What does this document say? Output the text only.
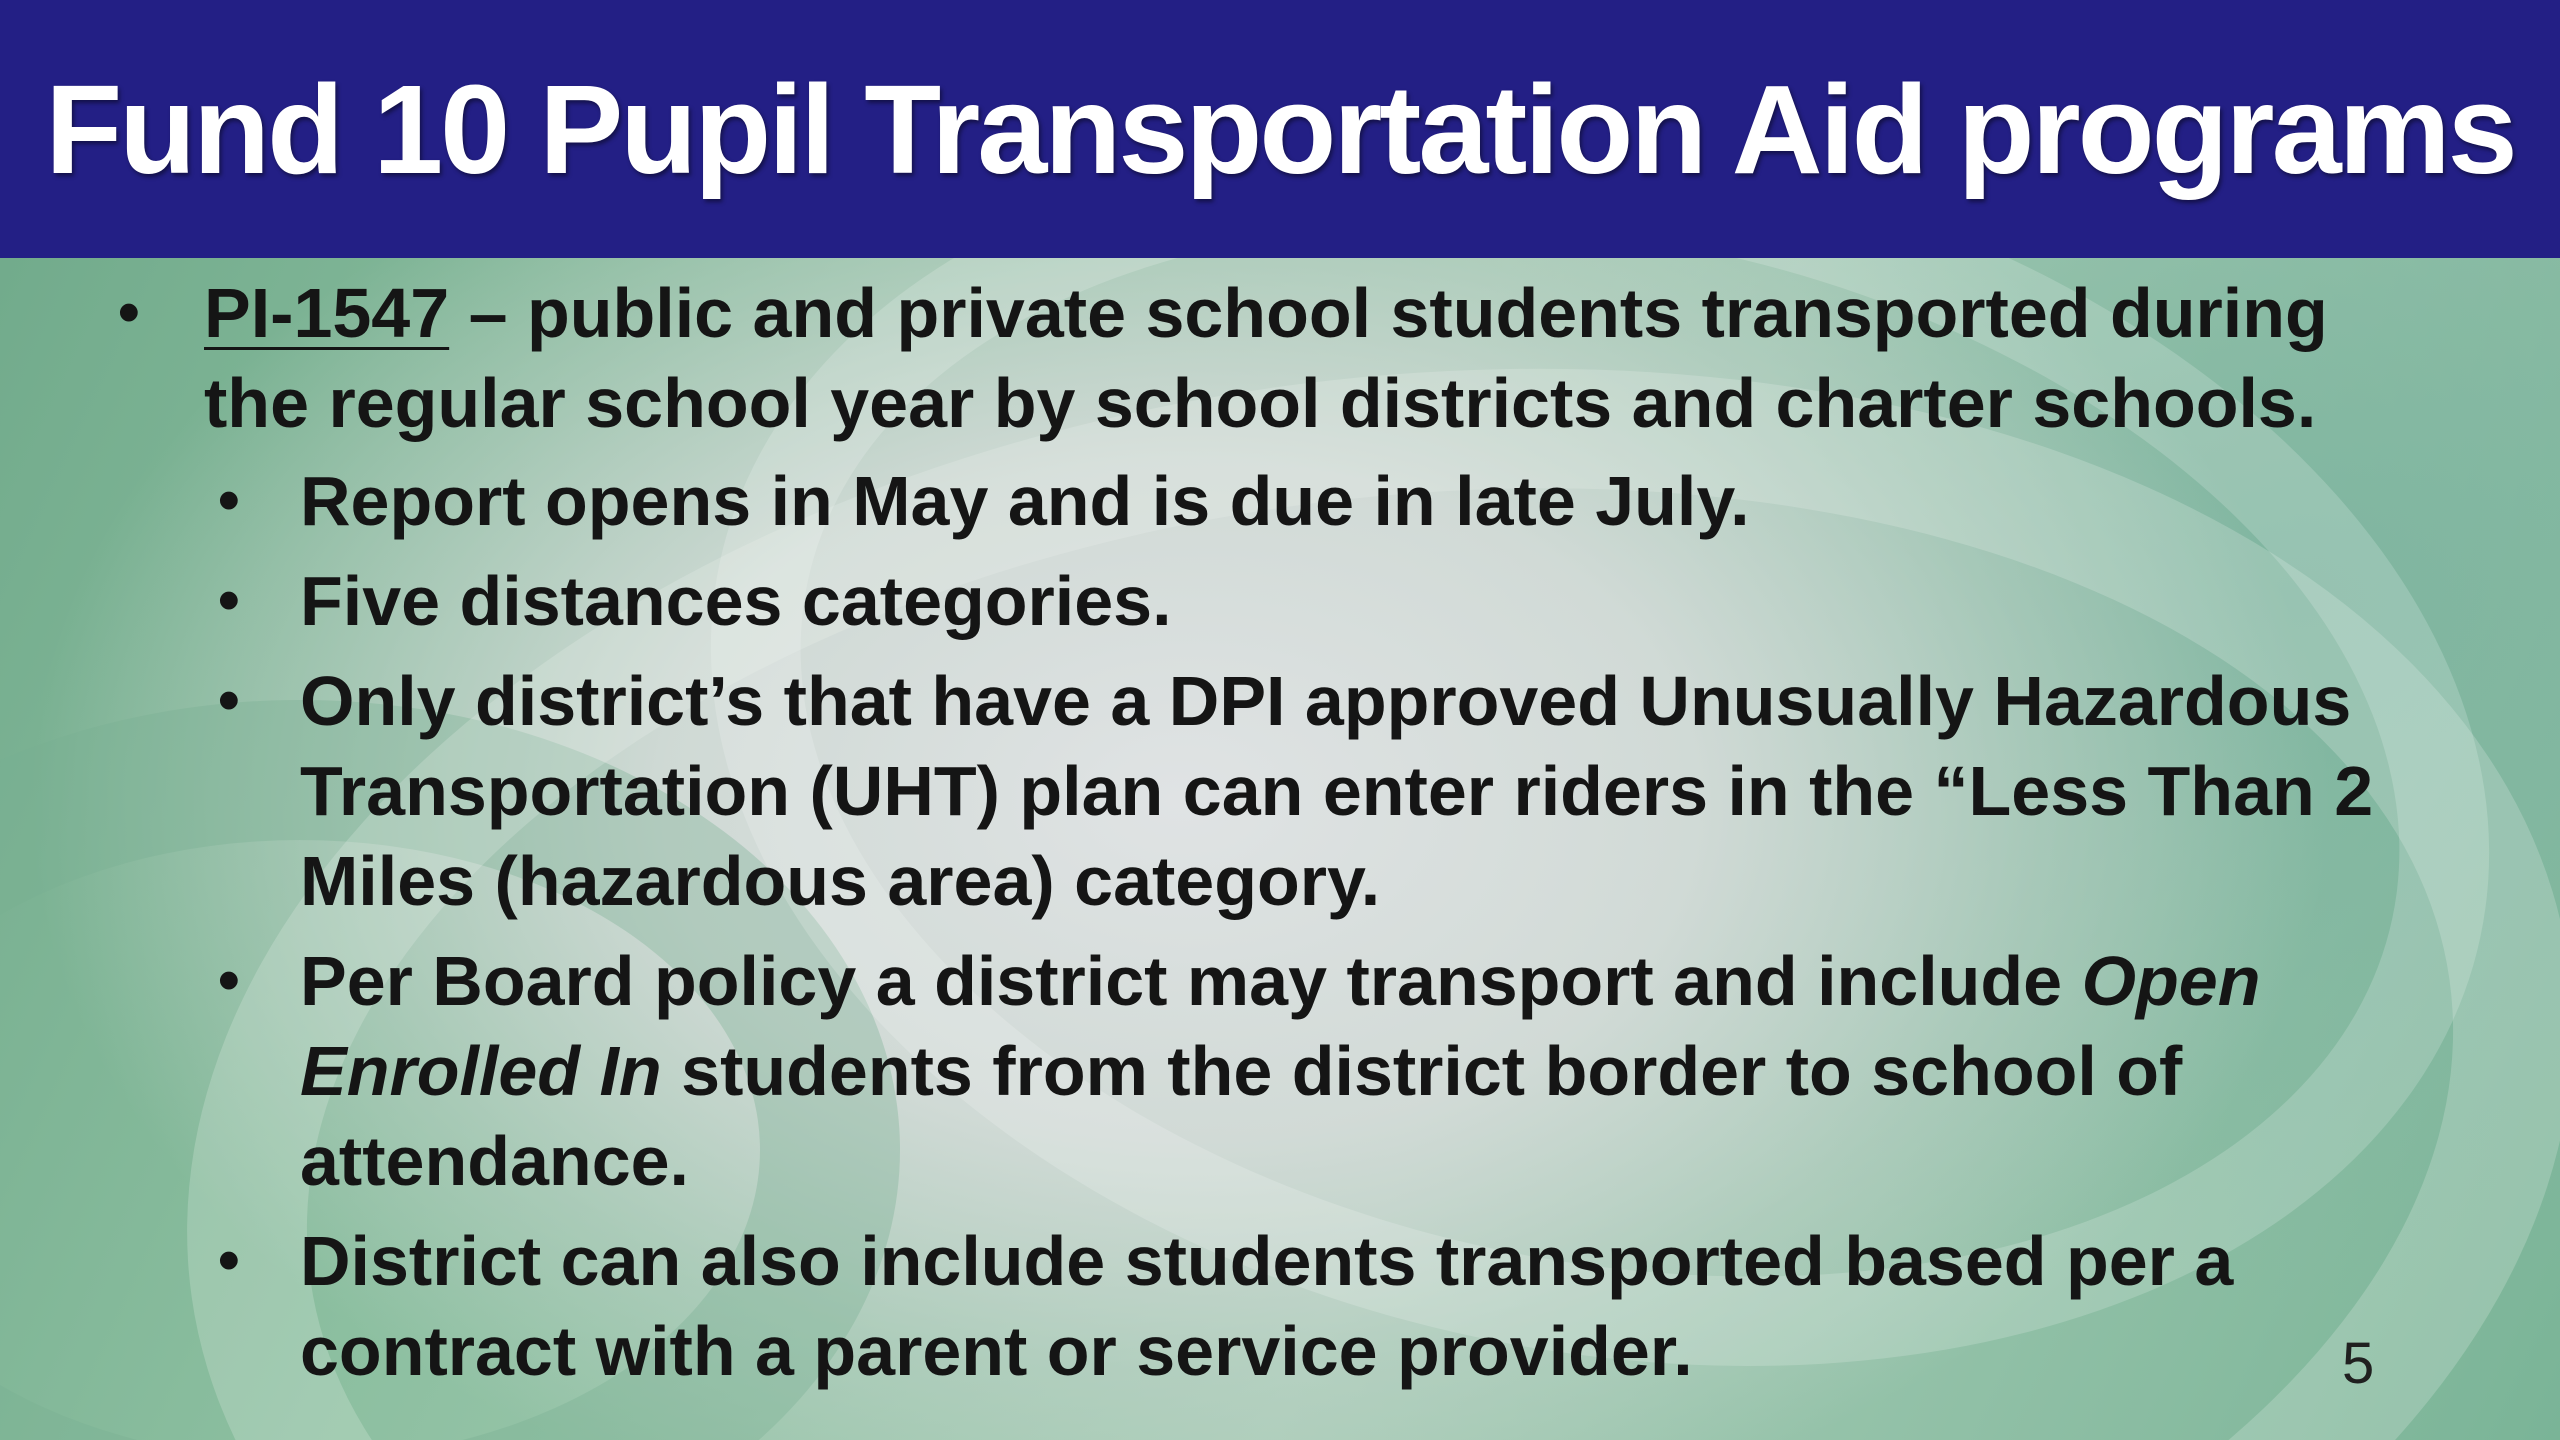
Fund 10 Pupil Transportation Aid programs
• PI-1547 – public and private school students transported during the regular school year by school districts and charter schools.
• Report opens in May and is due in late July.
• Five distances categories.
• Only district’s that have a DPI approved Unusually Hazardous Transportation (UHT) plan can enter riders in the “Less Than 2 Miles (hazardous area) category.
• Per Board policy a district may transport and include Open Enrolled In students from the district border to school of attendance.
• District can also include students transported based per a contract with a parent or service provider.	5
